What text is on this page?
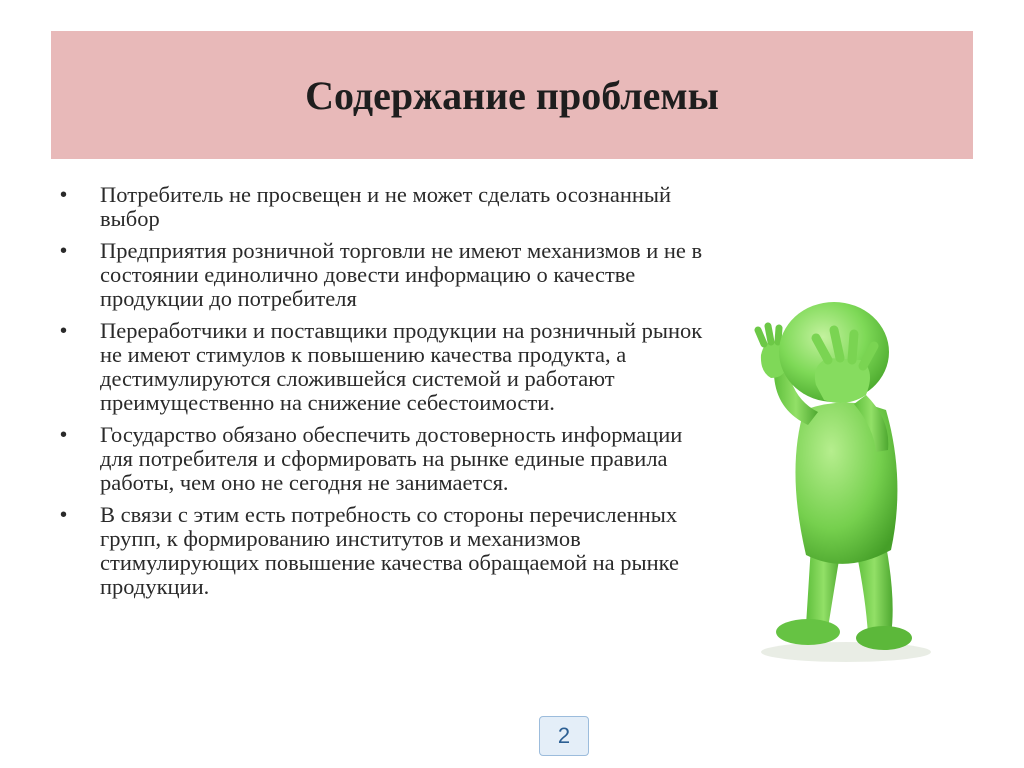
Содержание проблемы
•	Потребитель не просвещен и не может сделать осознанный выбор
•	Предприятия розничной торговли не имеют механизмов и не в состоянии единолично довести информацию о качестве продукции до потребителя
•	Переработчики и поставщики продукции на розничный рынок не имеют стимулов к повышению качества продукта, а дестимулируются сложившейся системой и работают преимущественно на снижение себестоимости.
•	Государство обязано обеспечить достоверность информации для потребителя и сформировать на рынке единые правила работы, чем оно не сегодня не занимается.
•	В связи с этим есть потребность со стороны перечисленных групп, к формированию институтов и механизмов стимулирующих повышение качества обращаемой на рынке продукции.
2
